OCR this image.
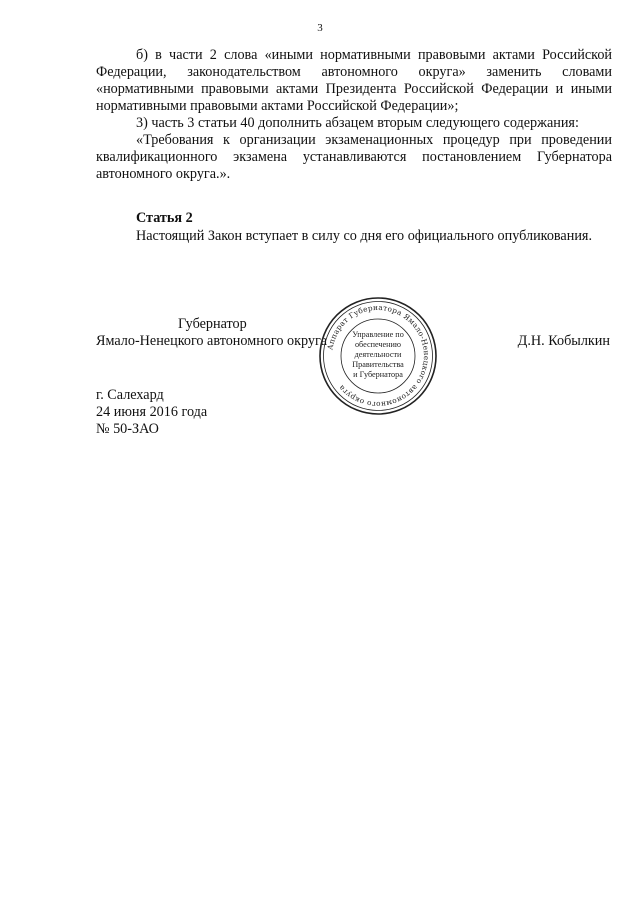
3

б) в части 2 слова «иными нормативными правовыми актами Российской Федерации, законодательством автономного округа» заменить словами «нормативными правовыми актами Президента Российской Федерации и иными нормативными правовыми актами Российской Федерации»;

3) часть 3 статьи 40 дополнить абзацем вторым следующего содержания:

«Требования к организации экзаменационных процедур при проведении квалификационного экзамена устанавливаются постановлением Губернатора автономного округа.».

Статья 2

Настоящий Закон вступает в силу со дня его официального опубликования.

Губернатор
Ямало-Ненецкого автономного округа	Д.Н. Кобылкин
Аппарат Губернатора Ямало-Ненецкого автономного округа
Управление по
обеспечению
деятельности
Правительства
и Губернатора
г. Салехард
24 июня 2016 года
№ 50-ЗАО
